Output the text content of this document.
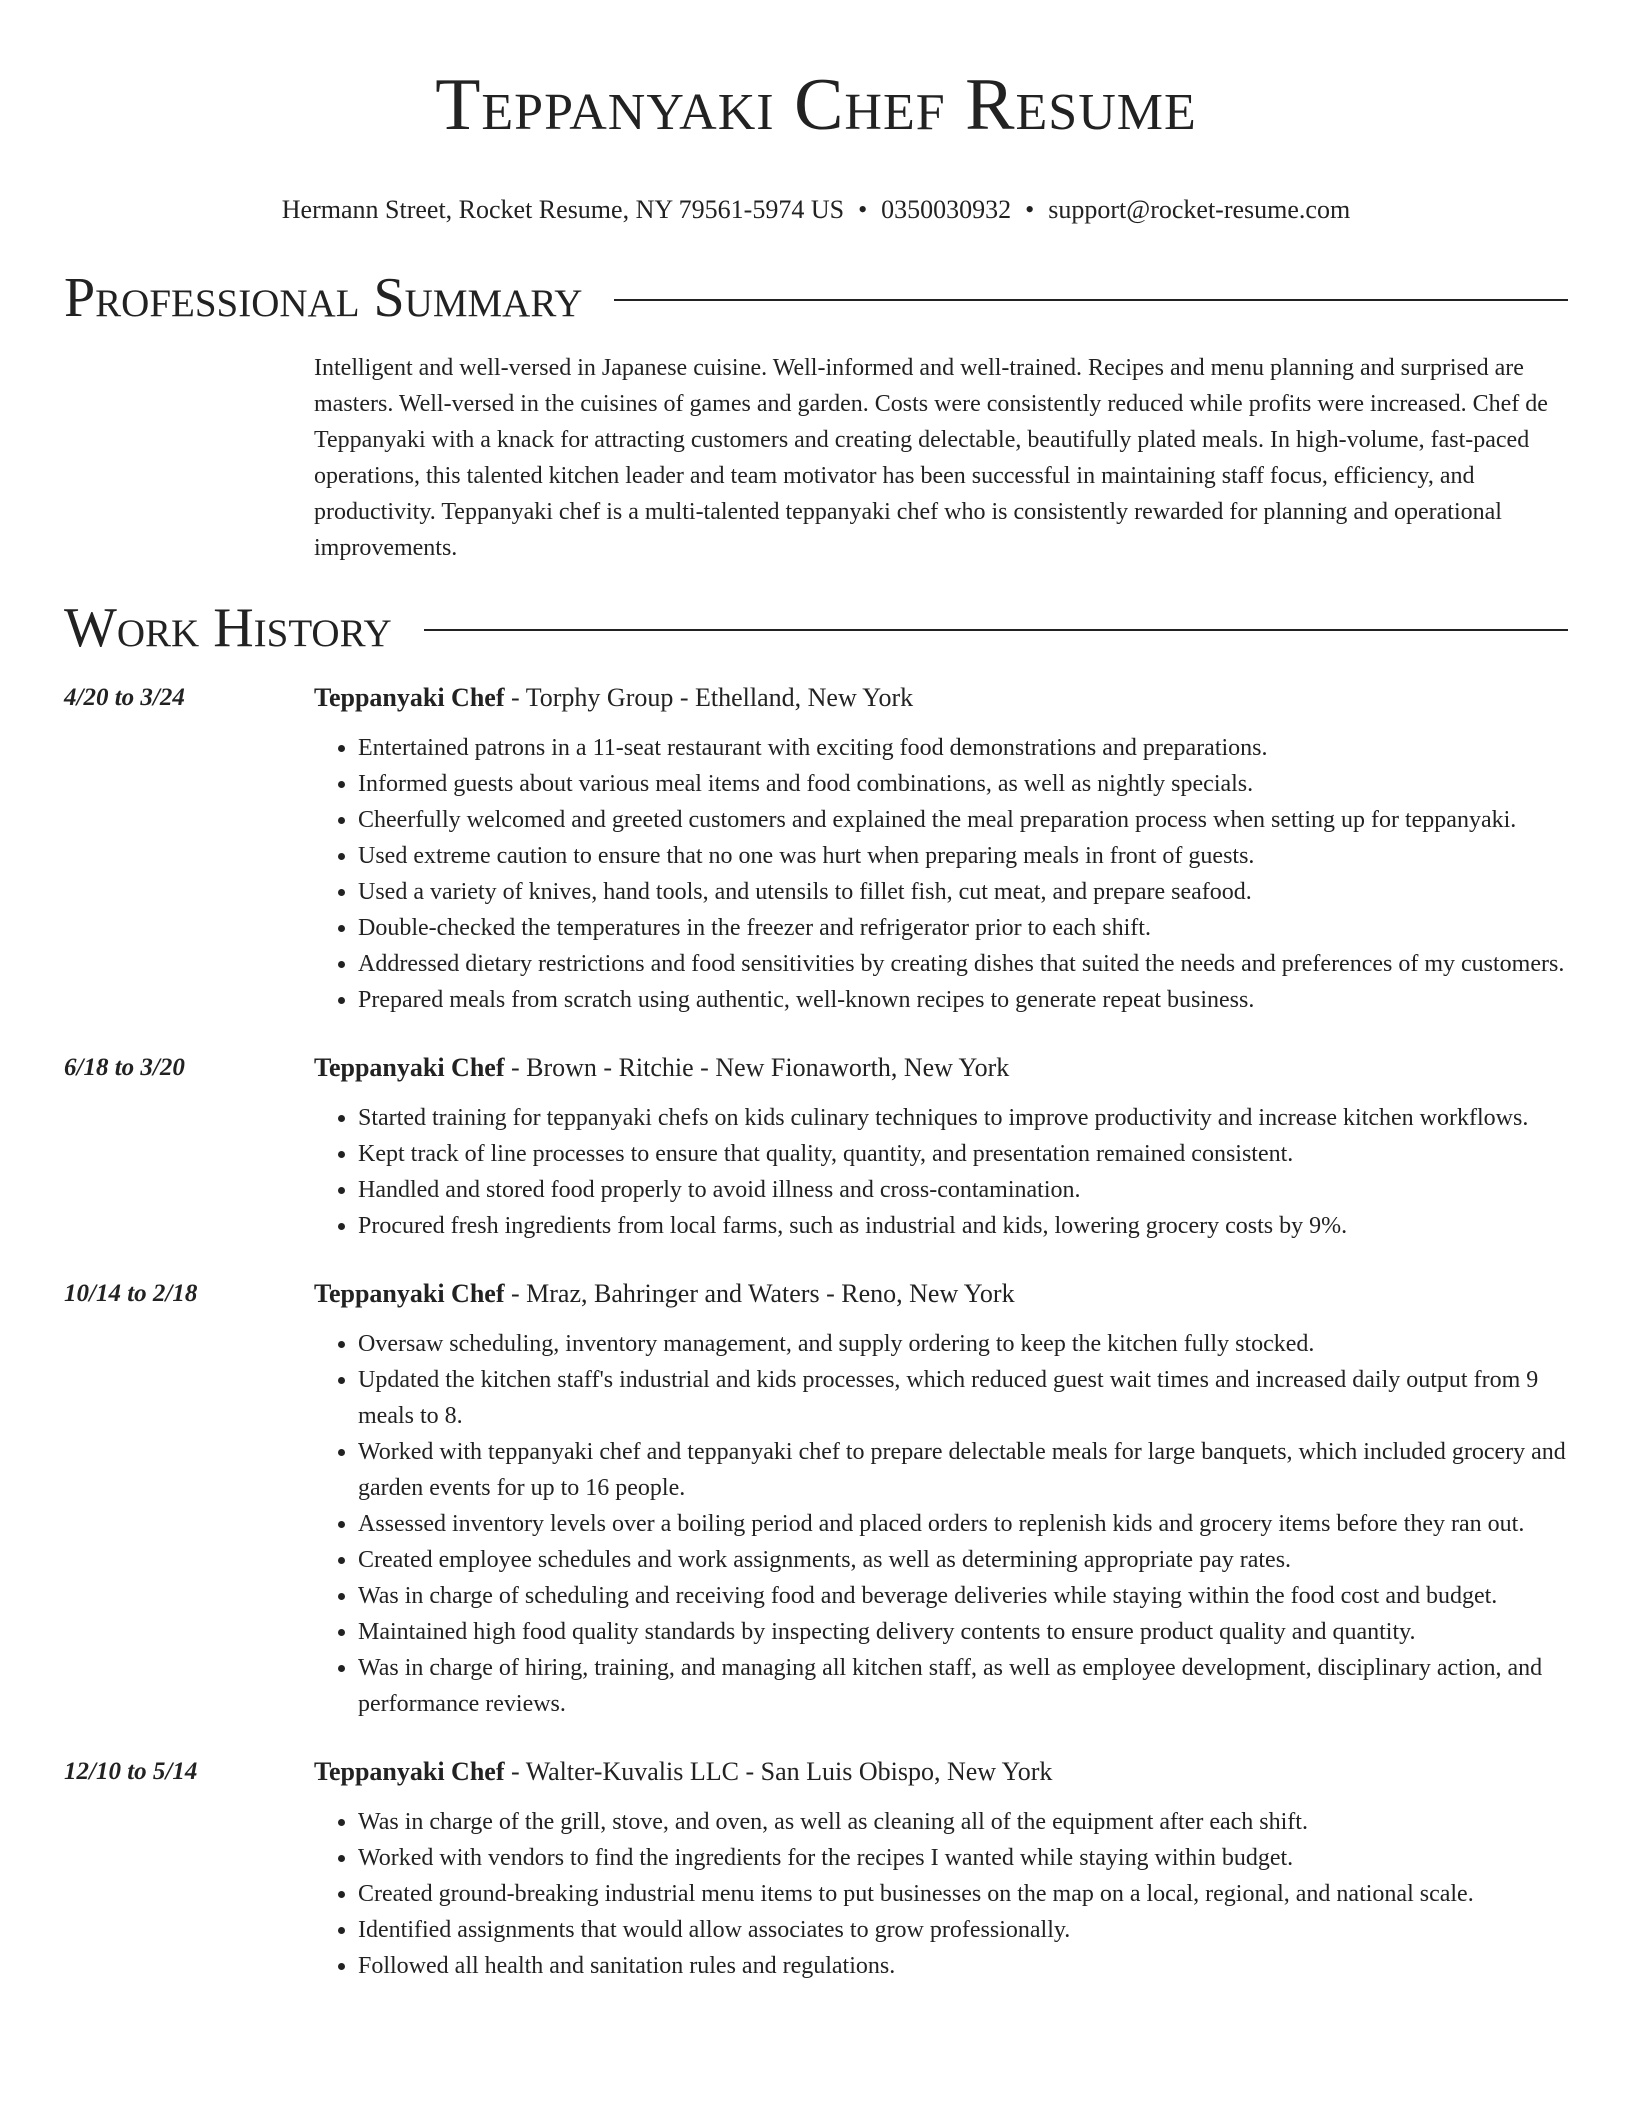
Teppanyaki Chef Resume
Hermann Street, Rocket Resume, NY 79561-5974 US • 0350030932 • support@rocket-resume.com
Professional Summary
Intelligent and well-versed in Japanese cuisine. Well-informed and well-trained. Recipes and menu planning and surprised are masters. Well-versed in the cuisines of games and garden. Costs were consistently reduced while profits were increased. Chef de Teppanyaki with a knack for attracting customers and creating delectable, beautifully plated meals. In high-volume, fast-paced operations, this talented kitchen leader and team motivator has been successful in maintaining staff focus, efficiency, and productivity. Teppanyaki chef is a multi-talented teppanyaki chef who is consistently rewarded for planning and operational improvements.
Work History
4/20 to 3/24	Teppanyaki Chef - Torphy Group - Ethelland, New York
• Entertained patrons in a 11-seat restaurant with exciting food demonstrations and preparations.
• Informed guests about various meal items and food combinations, as well as nightly specials.
• Cheerfully welcomed and greeted customers and explained the meal preparation process when setting up for teppanyaki.
• Used extreme caution to ensure that no one was hurt when preparing meals in front of guests.
• Used a variety of knives, hand tools, and utensils to fillet fish, cut meat, and prepare seafood.
• Double-checked the temperatures in the freezer and refrigerator prior to each shift.
• Addressed dietary restrictions and food sensitivities by creating dishes that suited the needs and preferences of my customers.
• Prepared meals from scratch using authentic, well-known recipes to generate repeat business.
6/18 to 3/20	Teppanyaki Chef - Brown - Ritchie - New Fionaworth, New York
• Started training for teppanyaki chefs on kids culinary techniques to improve productivity and increase kitchen workflows.
• Kept track of line processes to ensure that quality, quantity, and presentation remained consistent.
• Handled and stored food properly to avoid illness and cross-contamination.
• Procured fresh ingredients from local farms, such as industrial and kids, lowering grocery costs by 9%.
10/14 to 2/18	Teppanyaki Chef - Mraz, Bahringer and Waters - Reno, New York
• Oversaw scheduling, inventory management, and supply ordering to keep the kitchen fully stocked.
• Updated the kitchen staff's industrial and kids processes, which reduced guest wait times and increased daily output from 9 meals to 8.
• Worked with teppanyaki chef and teppanyaki chef to prepare delectable meals for large banquets, which included grocery and garden events for up to 16 people.
• Assessed inventory levels over a boiling period and placed orders to replenish kids and grocery items before they ran out.
• Created employee schedules and work assignments, as well as determining appropriate pay rates.
• Was in charge of scheduling and receiving food and beverage deliveries while staying within the food cost and budget.
• Maintained high food quality standards by inspecting delivery contents to ensure product quality and quantity.
• Was in charge of hiring, training, and managing all kitchen staff, as well as employee development, disciplinary action, and performance reviews.
12/10 to 5/14	Teppanyaki Chef - Walter-Kuvalis LLC - San Luis Obispo, New York
• Was in charge of the grill, stove, and oven, as well as cleaning all of the equipment after each shift.
• Worked with vendors to find the ingredients for the recipes I wanted while staying within budget.
• Created ground-breaking industrial menu items to put businesses on the map on a local, regional, and national scale.
• Identified assignments that would allow associates to grow professionally.
• Followed all health and sanitation rules and regulations.
